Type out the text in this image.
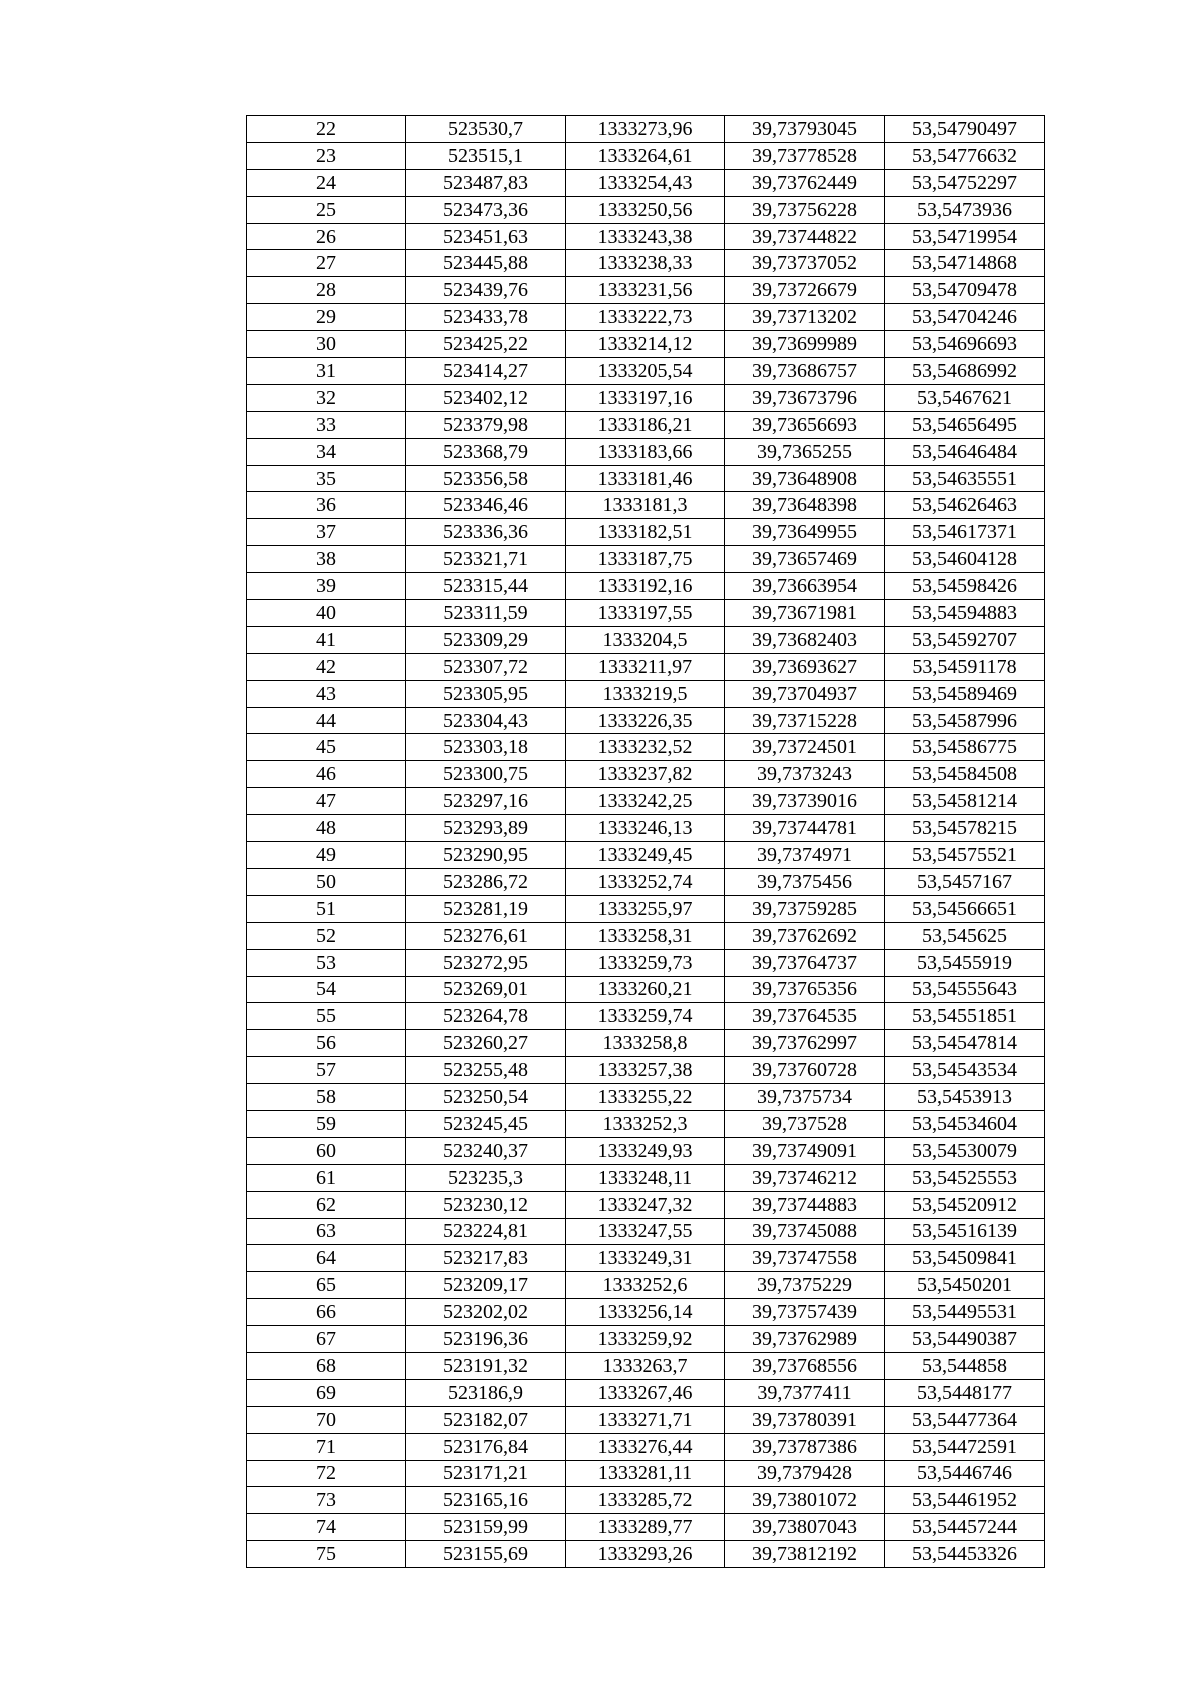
22	523530,7	1333273,96	39,73793045	53,54790497
23	523515,1	1333264,61	39,73778528	53,54776632
24	523487,83	1333254,43	39,73762449	53,54752297
25	523473,36	1333250,56	39,73756228	53,5473936
26	523451,63	1333243,38	39,73744822	53,54719954
27	523445,88	1333238,33	39,73737052	53,54714868
28	523439,76	1333231,56	39,73726679	53,54709478
29	523433,78	1333222,73	39,73713202	53,54704246
30	523425,22	1333214,12	39,73699989	53,54696693
31	523414,27	1333205,54	39,73686757	53,54686992
32	523402,12	1333197,16	39,73673796	53,5467621
33	523379,98	1333186,21	39,73656693	53,54656495
34	523368,79	1333183,66	39,7365255	53,54646484
35	523356,58	1333181,46	39,73648908	53,54635551
36	523346,46	1333181,3	39,73648398	53,54626463
37	523336,36	1333182,51	39,73649955	53,54617371
38	523321,71	1333187,75	39,73657469	53,54604128
39	523315,44	1333192,16	39,73663954	53,54598426
40	523311,59	1333197,55	39,73671981	53,54594883
41	523309,29	1333204,5	39,73682403	53,54592707
42	523307,72	1333211,97	39,73693627	53,54591178
43	523305,95	1333219,5	39,73704937	53,54589469
44	523304,43	1333226,35	39,73715228	53,54587996
45	523303,18	1333232,52	39,73724501	53,54586775
46	523300,75	1333237,82	39,7373243	53,54584508
47	523297,16	1333242,25	39,73739016	53,54581214
48	523293,89	1333246,13	39,73744781	53,54578215
49	523290,95	1333249,45	39,7374971	53,54575521
50	523286,72	1333252,74	39,7375456	53,5457167
51	523281,19	1333255,97	39,73759285	53,54566651
52	523276,61	1333258,31	39,73762692	53,545625
53	523272,95	1333259,73	39,73764737	53,5455919
54	523269,01	1333260,21	39,73765356	53,54555643
55	523264,78	1333259,74	39,73764535	53,54551851
56	523260,27	1333258,8	39,73762997	53,54547814
57	523255,48	1333257,38	39,73760728	53,54543534
58	523250,54	1333255,22	39,7375734	53,5453913
59	523245,45	1333252,3	39,737528	53,54534604
60	523240,37	1333249,93	39,73749091	53,54530079
61	523235,3	1333248,11	39,73746212	53,54525553
62	523230,12	1333247,32	39,73744883	53,54520912
63	523224,81	1333247,55	39,73745088	53,54516139
64	523217,83	1333249,31	39,73747558	53,54509841
65	523209,17	1333252,6	39,7375229	53,5450201
66	523202,02	1333256,14	39,73757439	53,54495531
67	523196,36	1333259,92	39,73762989	53,54490387
68	523191,32	1333263,7	39,73768556	53,544858
69	523186,9	1333267,46	39,7377411	53,5448177
70	523182,07	1333271,71	39,73780391	53,54477364
71	523176,84	1333276,44	39,73787386	53,54472591
72	523171,21	1333281,11	39,7379428	53,5446746
73	523165,16	1333285,72	39,73801072	53,54461952
74	523159,99	1333289,77	39,73807043	53,54457244
75	523155,69	1333293,26	39,73812192	53,54453326
